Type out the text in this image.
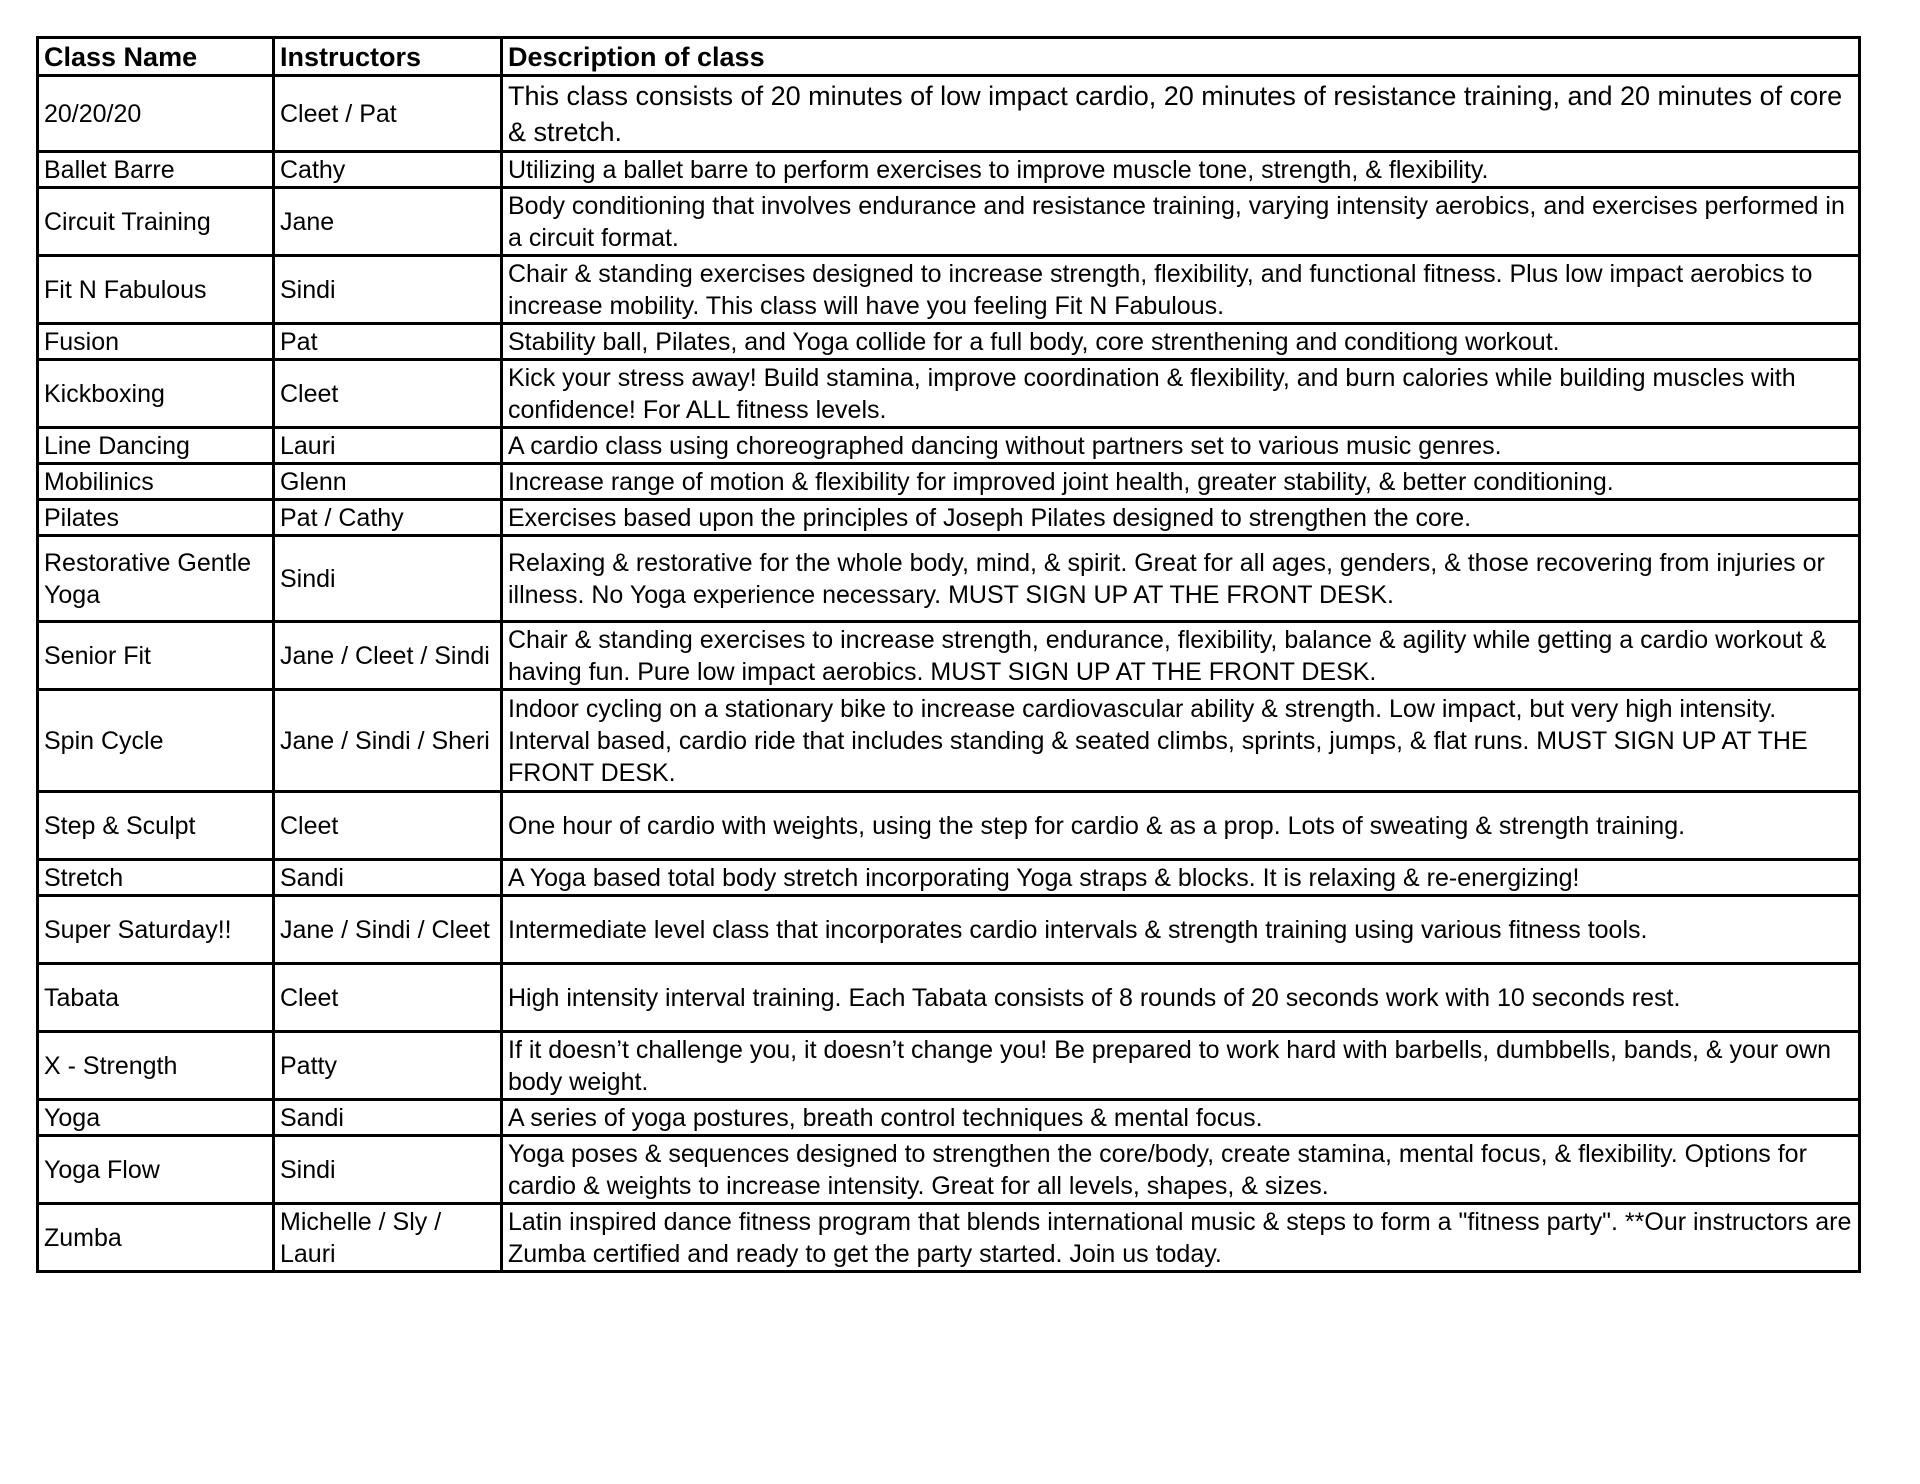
Class Name	Instructors	Description of class
20/20/20	Cleet / Pat	This class consists of 20 minutes of low impact cardio, 20 minutes of resistance training, and 20 minutes of core & stretch.
Ballet Barre	Cathy	Utilizing a ballet barre to perform exercises to improve muscle tone, strength, & flexibility.
Circuit Training	Jane	Body conditioning that involves endurance and resistance training, varying intensity aerobics, and exercises performed in a circuit format.
Fit N Fabulous	Sindi	Chair & standing exercises designed to increase strength, flexibility, and functional fitness. Plus low impact aerobics to increase mobility. This class will have you feeling Fit N Fabulous.
Fusion	Pat	Stability ball, Pilates, and Yoga collide for a full body, core strenthening and conditiong workout.
Kickboxing	Cleet	Kick your stress away! Build stamina, improve coordination & flexibility, and burn calories while building muscles with confidence! For ALL fitness levels.
Line Dancing	Lauri	A cardio class using choreographed dancing without partners set to various music genres.
Mobilinics	Glenn	Increase range of motion & flexibility for improved joint health, greater stability, & better conditioning.
Pilates	Pat / Cathy	Exercises based upon the principles of Joseph Pilates designed to strengthen the core.
Restorative Gentle Yoga	Sindi	Relaxing & restorative for the whole body, mind, & spirit. Great for all ages, genders, & those recovering from injuries or illness. No Yoga experience necessary. MUST SIGN UP AT THE FRONT DESK.
Senior Fit	Jane / Cleet / Sindi	Chair & standing exercises to increase strength, endurance, flexibility, balance & agility while getting a cardio workout & having fun. Pure low impact aerobics. MUST SIGN UP AT THE FRONT DESK.
Spin Cycle	Jane / Sindi / Sheri	Indoor cycling on a stationary bike to increase cardiovascular ability & strength. Low impact, but very high intensity. Interval based, cardio ride that includes standing & seated climbs, sprints, jumps, & flat runs. MUST SIGN UP AT THE FRONT DESK.
Step & Sculpt	Cleet	One hour of cardio with weights, using the step for cardio & as a prop. Lots of sweating & strength training.
Stretch	Sandi	A Yoga based total body stretch incorporating Yoga straps & blocks. It is relaxing & re-energizing!
Super Saturday!!	Jane / Sindi / Cleet	Intermediate level class that incorporates cardio intervals & strength training using various fitness tools.
Tabata	Cleet	High intensity interval training. Each Tabata consists of 8 rounds of 20 seconds work with 10 seconds rest.
X - Strength	Patty	If it doesn’t challenge you, it doesn’t change you! Be prepared to work hard with barbells, dumbbells, bands, & your own body weight.
Yoga	Sandi	A series of yoga postures, breath control techniques & mental focus.
Yoga Flow	Sindi	Yoga poses & sequences designed to strengthen the core/body, create stamina, mental focus, & flexibility. Options for cardio & weights to increase intensity. Great for all levels, shapes, & sizes.
Zumba	Michelle / Sly / Lauri	Latin inspired dance fitness program that blends international music & steps to form a "fitness party". **Our instructors are Zumba certified and ready to get the party started. Join us today.
